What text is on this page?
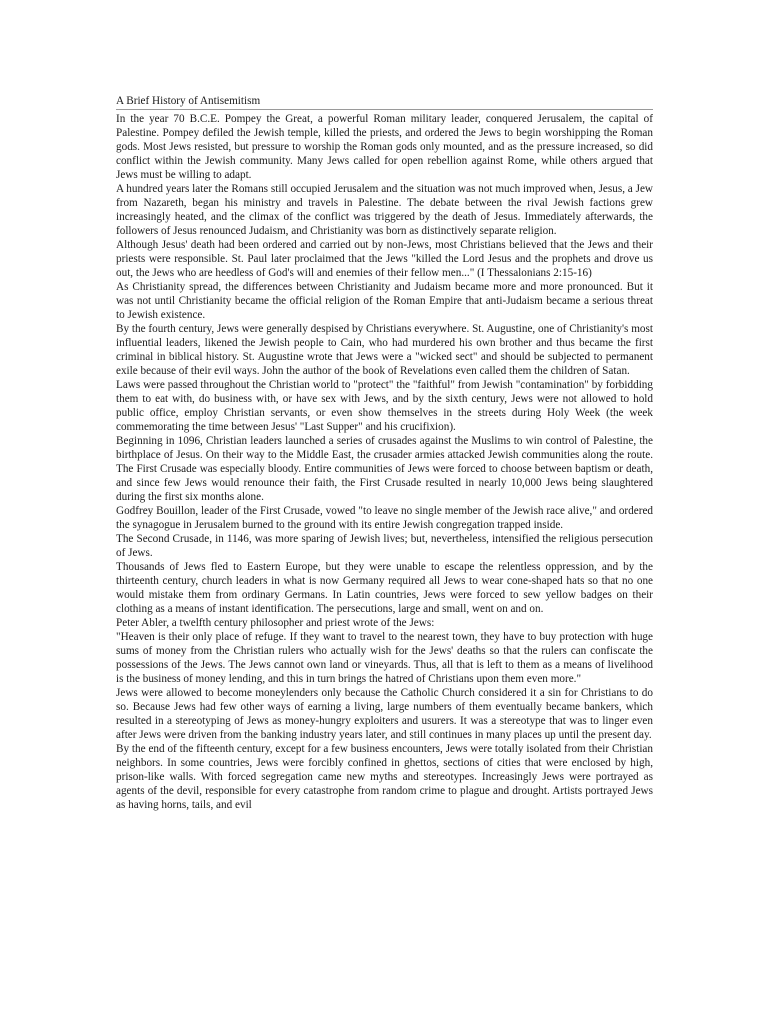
A Brief History of Antisemitism

In the year 70 B.C.E. Pompey the Great, a powerful Roman military leader, conquered Jerusalem, the capital of Palestine. Pompey defiled the Jewish temple, killed the priests, and ordered the Jews to begin worshipping the Roman gods. Most Jews resisted, but pressure to worship the Roman gods only mounted, and as the pressure increased, so did conflict within the Jewish community. Many Jews called for open rebellion against Rome, while others argued that Jews must be willing to adapt.

A hundred years later the Romans still occupied Jerusalem and the situation was not much improved when, Jesus, a Jew from Nazareth, began his ministry and travels in Palestine. The debate between the rival Jewish factions grew increasingly heated, and the climax of the conflict was triggered by the death of Jesus. Immediately afterwards, the followers of Jesus renounced Judaism, and Christianity was born as distinctively separate religion.

Although Jesus' death had been ordered and carried out by non-Jews, most Christians believed that the Jews and their priests were responsible. St. Paul later proclaimed that the Jews "killed the Lord Jesus and the prophets and drove us out, the Jews who are heedless of God's will and enemies of their fellow men..." (I Thessalonians 2:15-16)

As Christianity spread, the differences between Christianity and Judaism became more and more pronounced. But it was not until Christianity became the official religion of the Roman Empire that anti-Judaism became a serious threat to Jewish existence.

By the fourth century, Jews were generally despised by Christians everywhere. St. Augustine, one of Christianity's most influential leaders, likened the Jewish people to Cain, who had murdered his own brother and thus became the first criminal in biblical history. St. Augustine wrote that Jews were a "wicked sect" and should be subjected to permanent exile because of their evil ways. John the author of the book of Revelations even called them the children of Satan.

Laws were passed throughout the Christian world to "protect" the "faithful" from Jewish "contamination" by forbidding them to eat with, do business with, or have sex with Jews, and by the sixth century, Jews were not allowed to hold public office, employ Christian servants, or even show themselves in the streets during Holy Week (the week commemorating the time between Jesus' "Last Supper" and his crucifixion).

Beginning in 1096, Christian leaders launched a series of crusades against the Muslims to win control of Palestine, the birthplace of Jesus. On their way to the Middle East, the crusader armies attacked Jewish communities along the route. The First Crusade was especially bloody. Entire communities of Jews were forced to choose between baptism or death, and since few Jews would renounce their faith, the First Crusade resulted in nearly 10,000 Jews being slaughtered during the first six months alone.

Godfrey Bouillon, leader of the First Crusade, vowed "to leave no single member of the Jewish race alive," and ordered the synagogue in Jerusalem burned to the ground with its entire Jewish congregation trapped inside.

The Second Crusade, in 1146, was more sparing of Jewish lives; but, nevertheless, intensified the religious persecution of Jews.

Thousands of Jews fled to Eastern Europe, but they were unable to escape the relentless oppression, and by the thirteenth century, church leaders in what is now Germany required all Jews to wear cone-shaped hats so that no one would mistake them from ordinary Germans. In Latin countries, Jews were forced to sew yellow badges on their clothing as a means of instant identification. The persecutions, large and small, went on and on.

Peter Abler, a twelfth century philosopher and priest wrote of the Jews:

"Heaven is their only place of refuge. If they want to travel to the nearest town, they have to buy protection with huge sums of money from the Christian rulers who actually wish for the Jews' deaths so that the rulers can confiscate the possessions of the Jews. The Jews cannot own land or vineyards. Thus, all that is left to them as a means of livelihood is the business of money lending, and this in turn brings the hatred of Christians upon them even more."

Jews were allowed to become moneylenders only because the Catholic Church considered it a sin for Christians to do so. Because Jews had few other ways of earning a living, large numbers of them eventually became bankers, which resulted in a stereotyping of Jews as money-hungry exploiters and usurers. It was a stereotype that was to linger even after Jews were driven from the banking industry years later, and still continues in many places up until the present day.

By the end of the fifteenth century, except for a few business encounters, Jews were totally isolated from their Christian neighbors. In some countries, Jews were forcibly confined in ghettos, sections of cities that were enclosed by high, prison-like walls. With forced segregation came new myths and stereotypes. Increasingly Jews were portrayed as agents of the devil, responsible for every catastrophe from random crime to plague and drought. Artists portrayed Jews as having horns, tails, and evil
